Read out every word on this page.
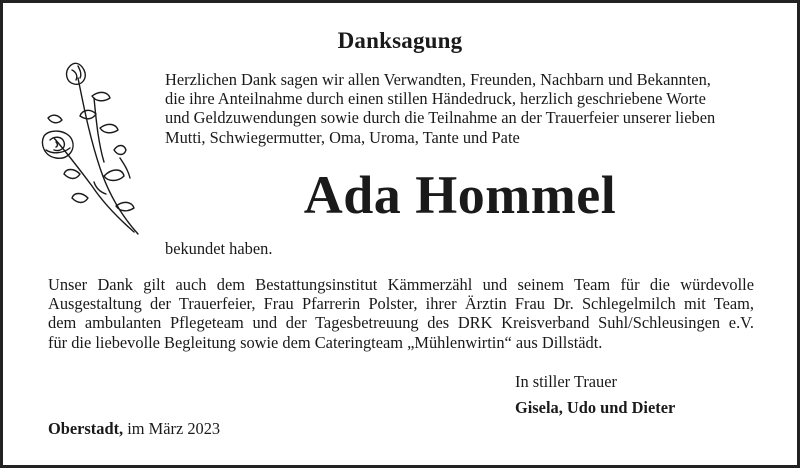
Danksagung
Herzlichen Dank sagen wir allen Verwandten, Freunden, Nachbarn und Bekannten,
die ihre Anteilnahme durch einen stillen Händedruck, herzlich geschriebene Worte
und Geldzuwendungen sowie durch die Teilnahme an der Trauerfeier unserer lieben
Mutti, Schwiegermutter, Oma, Uroma, Tante und Pate
Ada Hommel
bekundet haben.
Unser Dank gilt auch dem Bestattungsinstitut Kämmerzähl und seinem Team für die würdevolle
Ausgestaltung der Trauerfeier, Frau Pfarrerin Polster, ihrer Ärztin Frau Dr. Schlegelmilch mit Team,
dem ambulanten Pflegeteam und der Tagesbetreuung des DRK Kreisverband Suhl/Schleusingen e.V.
für die liebevolle Begleitung sowie dem Cateringteam „Mühlenwirtin“ aus Dillstädt.
In stiller Trauer
Gisela, Udo und Dieter
Oberstadt, im März 2023
